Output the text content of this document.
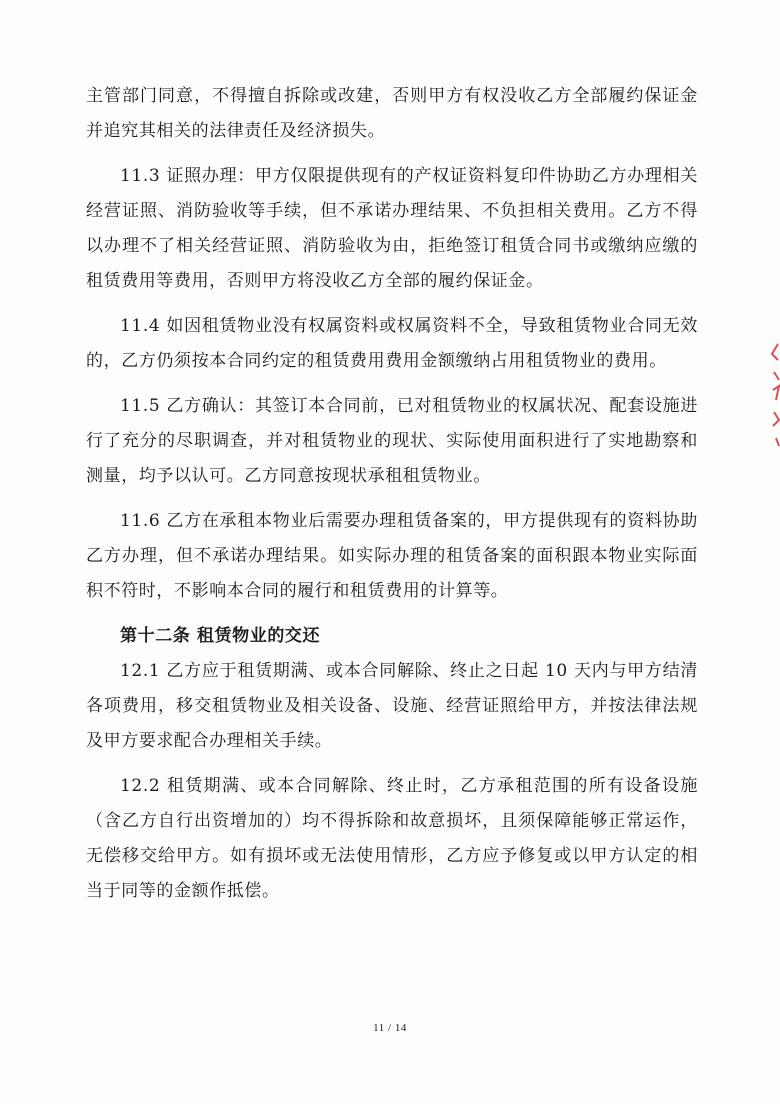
主管部门同意，不得擅自拆除或改建，否则甲方有权没收乙方全部履约保证金并追究其相关的法律责任及经济损失。

11.3 证照办理：甲方仅限提供现有的产权证资料复印件协助乙方办理相关经营证照、消防验收等手续，但不承诺办理结果、不负担相关费用。乙方不得以办理不了相关经营证照、消防验收为由，拒绝签订租赁合同书或缴纳应缴的租赁费用等费用，否则甲方将没收乙方全部的履约保证金。

11.4 如因租赁物业没有权属资料或权属资料不全，导致租赁物业合同无效的，乙方仍须按本合同约定的租赁费用费用金额缴纳占用租赁物业的费用。

11.5 乙方确认：其签订本合同前，已对租赁物业的权属状况、配套设施进行了充分的尽职调查，并对租赁物业的现状、实际使用面积进行了实地勘察和测量，均予以认可。乙方同意按现状承租租赁物业。

11.6 乙方在承租本物业后需要办理租赁备案的，甲方提供现有的资料协助乙方办理，但不承诺办理结果。如实际办理的租赁备案的面积跟本物业实际面积不符时，不影响本合同的履行和租赁费用的计算等。

第十二条 租赁物业的交还

12.1 乙方应于租赁期满、或本合同解除、终止之日起 10 天内与甲方结清各项费用，移交租赁物业及相关设备、设施、经营证照给甲方，并按法律法规及甲方要求配合办理相关手续。

12.2 租赁期满、或本合同解除、终止时，乙方承租范围的所有设备设施（含乙方自行出资增加的）均不得拆除和故意损坏，且须保障能够正常运作，无偿移交给甲方。如有损坏或无法使用情形，乙方应予修复或以甲方认定的相当于同等的金额作抵偿。

11 / 14
